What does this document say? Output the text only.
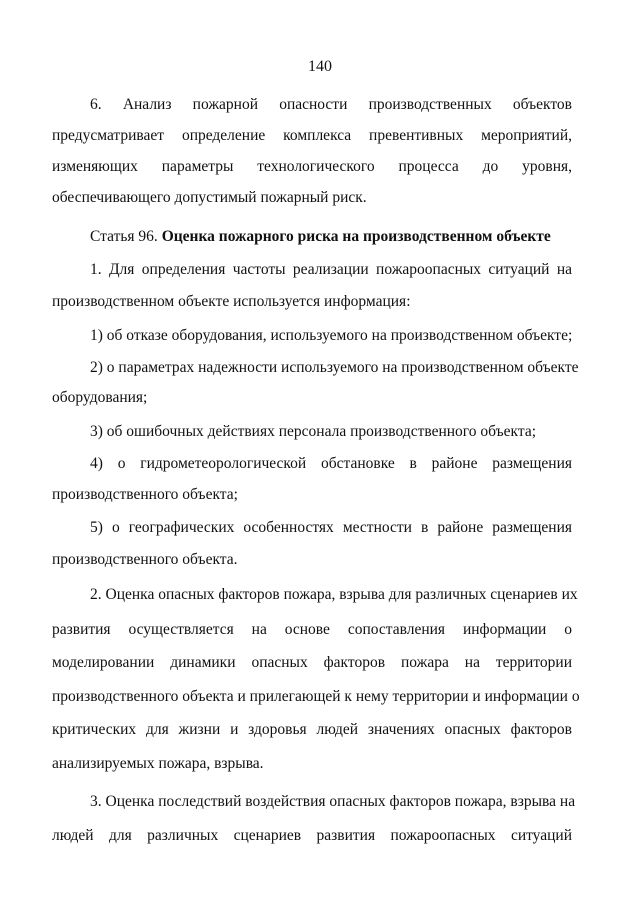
140
6. Анализ пожарной опасности производственных объектов
предусматривает определение комплекса превентивных мероприятий,
изменяющих параметры технологического процесса до уровня,
обеспечивающего допустимый пожарный риск.
Статья 96. Оценка пожарного риска на производственном объекте
1. Для определения частоты реализации пожароопасных ситуаций на
производственном объекте используется информация:
1) об отказе оборудования, используемого на производственном объекте;
2) о параметрах надежности используемого на производственном объекте
оборудования;
3) об ошибочных действиях персонала производственного объекта;
4) о гидрометеорологической обстановке в районе размещения
производственного объекта;
5) о географических особенностях местности в районе размещения
производственного объекта.
2. Оценка опасных факторов пожара, взрыва для различных сценариев их
развития осуществляется на основе сопоставления информации о
моделировании динамики опасных факторов пожара на территории
производственного объекта и прилегающей к нему территории и информации о
критических для жизни и здоровья людей значениях опасных факторов
анализируемых пожара, взрыва.
3. Оценка последствий воздействия опасных факторов пожара, взрыва на
людей для различных сценариев развития пожароопасных ситуаций
